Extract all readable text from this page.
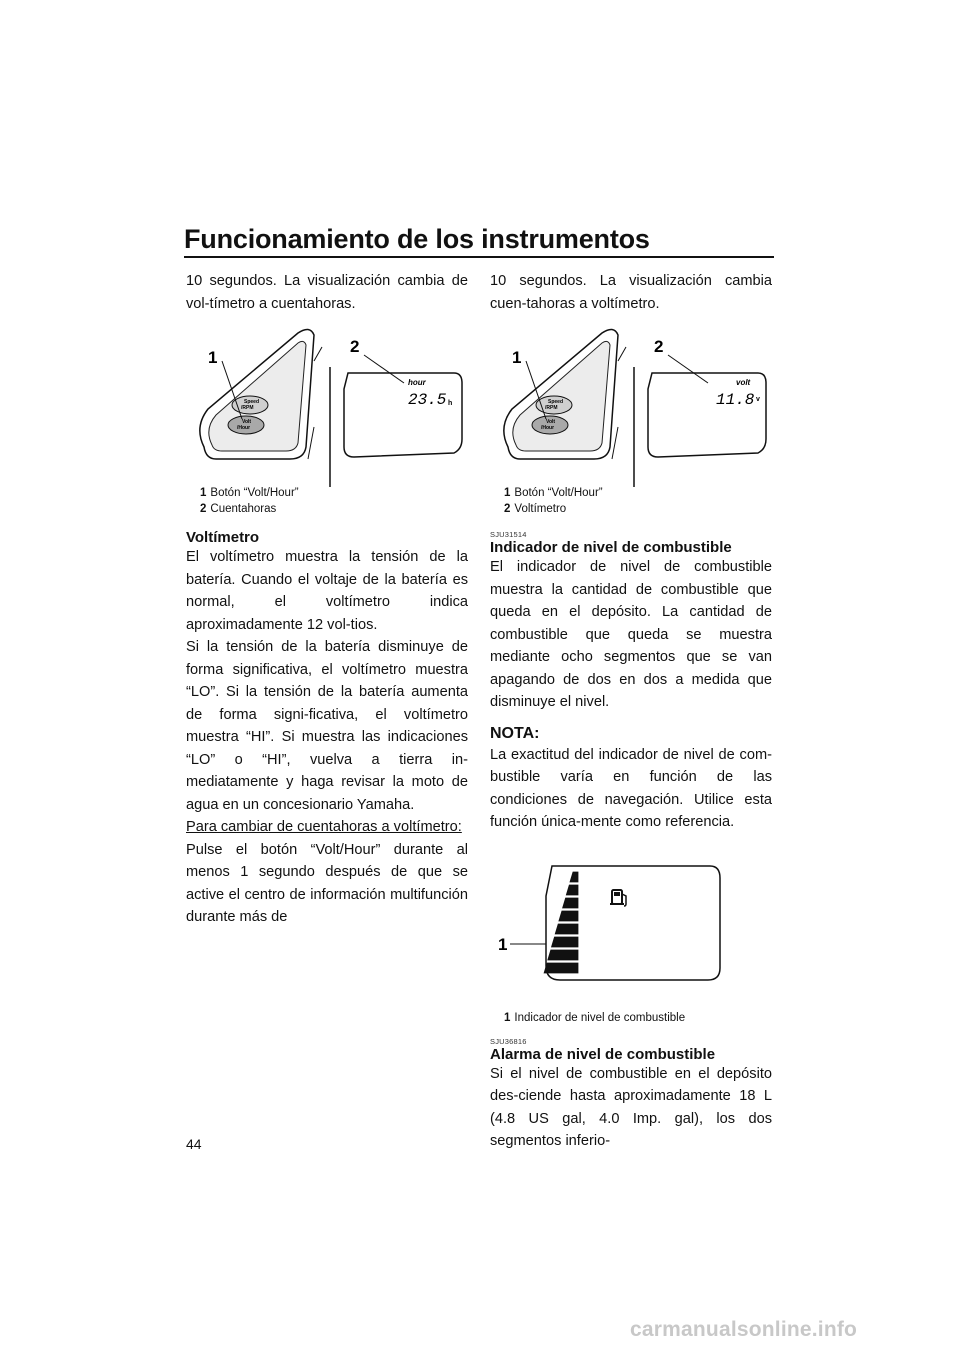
Funcionamiento de los instrumentos
44

10 segundos. La visualización cambia de vol-tímetro a cuentahoras.

Speed
/RPM
Volt
/Hour
1
2
hour
23.5 h
1 Botón “Volt/Hour”
2 Cuentahoras
Voltímetro

El voltímetro muestra la tensión de la batería. Cuando el voltaje de la batería es normal, el voltímetro indica aproximadamente 12 vol-tios.

Si la tensión de la batería disminuye de forma significativa, el voltímetro muestra “LO”. Si la tensión de la batería aumenta de forma signi-ficativa, el voltímetro muestra “HI”. Si muestra las indicaciones “LO” o “HI”, vuelva a tierra in-mediatamente y haga revisar la moto de agua en un concesionario Yamaha.

Para cambiar de cuentahoras a voltímetro:

Pulse el botón “Volt/Hour” durante al menos 1 segundo después de que se active el centro de información multifunción durante más de

10 segundos. La visualización cambia cuen-tahoras a voltímetro.

Speed
/RPM
Volt
/Hour
1
2
volt
11.8 v
1 Botón “Volt/Hour”
2 Voltímetro
SJU31514
Indicador de nivel de combustible

El indicador de nivel de combustible muestra la cantidad de combustible que queda en el depósito. La cantidad de combustible que queda se muestra mediante ocho segmentos que se van apagando de dos en dos a medida que disminuye el nivel.

NOTA:

La exactitud del indicador de nivel de com-bustible varía en función de las condiciones de navegación. Utilice esta función única-mente como referencia.

1
1 Indicador de nivel de combustible
SJU36816
Alarma de nivel de combustible

Si el nivel de combustible en el depósito des-ciende hasta aproximadamente 18 L (4.8 US gal, 4.0 Imp. gal), los dos segmentos inferio-

carmanualsonline.info
